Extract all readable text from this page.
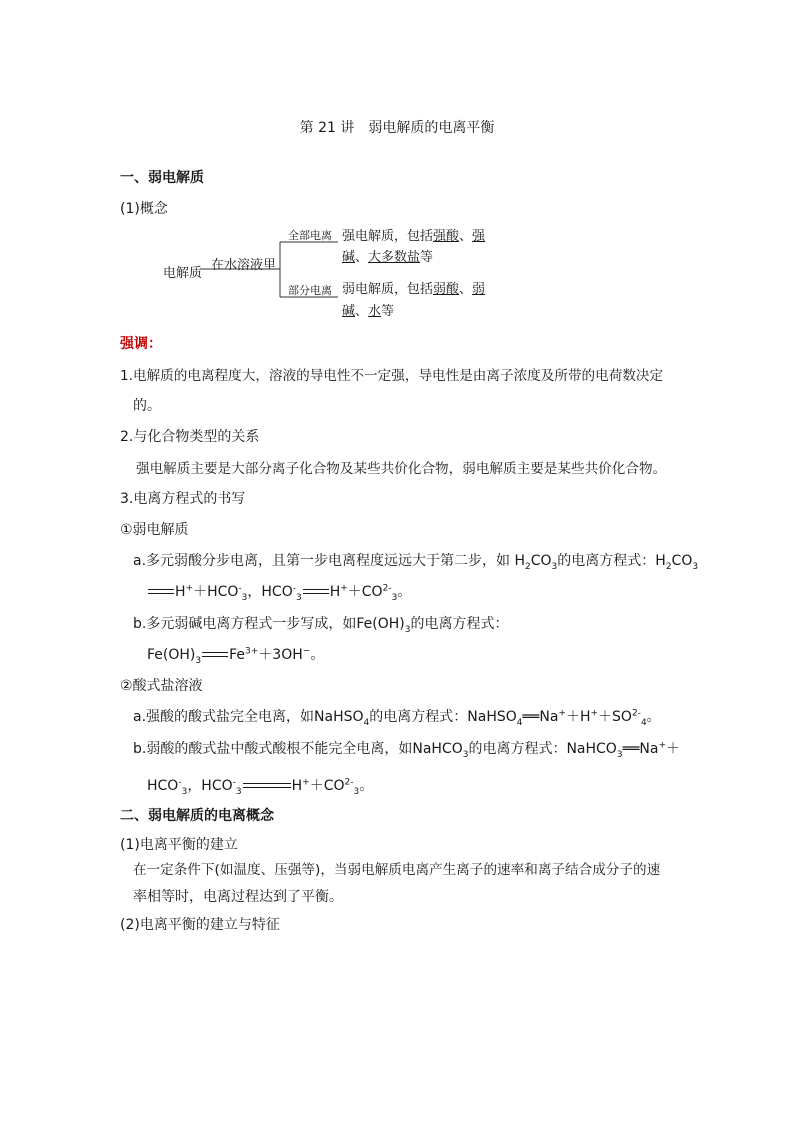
第 21 讲　弱电解质的电离平衡
一、弱电解质
(1)概念
电解质
在水溶液里
全部电离
部分电离
强电解质，包括强酸、强
碱、大多数盐等
弱电解质，包括弱酸、弱
碱、水等
强调：
1.电解质的电离程度大，溶液的导电性不一定强，导电性是由离子浓度及所带的电荷数决定
的。
2.与化合物类型的关系
强电解质主要是大部分离子化合物及某些共价化合物，弱电解质主要是某些共价化合物。
3.电离方程式的书写
①弱电解质
a.多元弱酸分步电离，且第一步电离程度远远大于第二步，如 $H_2CO_3$的电离方程式：$H_2CO_3$
$H^++HCO^-_3$，$HCO^-_3$ $H^++CO^{2-}_3$。
b.多元弱碱电离方程式一步写成，如$Fe(OH)_3$的电离方程式：
$Fe(OH)_3$ $Fe^{3+}+3OH^-$。
②酸式盐溶液
a.强酸的酸式盐完全电离，如NaHSO$_4$的电离方程式：$NaHSO_4══Na^++H^++SO^{2-}_4$。
b.弱酸的酸式盐中酸式酸根不能完全电离，如NaHCO$_3$的电离方程式：NaHCO$_3$══Na+＋
$HCO^-_3$，$HCO^-_3$	$H^++CO^{2-}_3$。
二、弱电解质的电离概念
(1)电离平衡的建立
在一定条件下(如温度、压强等)，当弱电解质电离产生离子的速率和离子结合成分子的速
率相等时，电离过程达到了平衡。
(2)电离平衡的建立与特征
